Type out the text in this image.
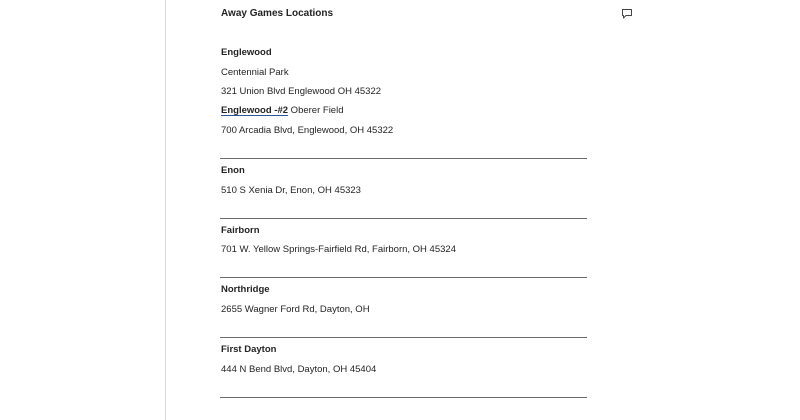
Away Games Locations
Englewood
Centennial Park
321 Union Blvd Englewood OH 45322
Englewood -#2 Oberer Field
700 Arcadia Blvd, Englewood, OH 45322
Enon
510 S Xenia Dr, Enon, OH 45323
Fairborn
701 W. Yellow Springs-Fairfield Rd, Fairborn, OH 45324
Northridge
2655 Wagner Ford Rd, Dayton, OH
First Dayton
444 N Bend Blvd, Dayton, OH 45404
